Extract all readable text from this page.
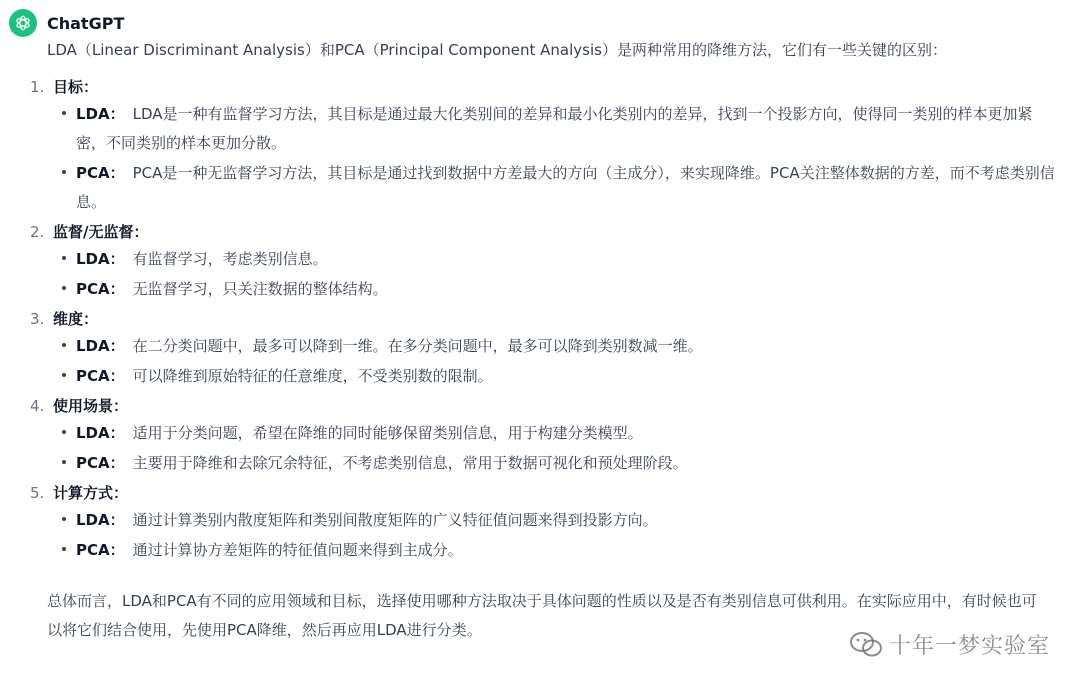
ChatGPT

LDA（Linear Discriminant Analysis）和PCA（Principal Component Analysis）是两种常用的降维方法，它们有一些关键的区别：

1. 目标：
LDA： LDA是一种有监督学习方法，其目标是通过最大化类别间的差异和最小化类别内的差异，找到一个投影方向，使得同一类别的样本更加紧密，不同类别的样本更加分散。
PCA： PCA是一种无监督学习方法，其目标是通过找到数据中方差最大的方向（主成分），来实现降维。PCA关注整体数据的方差，而不考虑类别信息。
2. 监督/无监督：
LDA： 有监督学习，考虑类别信息。
PCA： 无监督学习，只关注数据的整体结构。
3. 维度：
LDA： 在二分类问题中，最多可以降到一维。在多分类问题中，最多可以降到类别数减一维。
PCA： 可以降维到原始特征的任意维度，不受类别数的限制。
4. 使用场景：
LDA： 适用于分类问题，希望在降维的同时能够保留类别信息，用于构建分类模型。
PCA： 主要用于降维和去除冗余特征，不考虑类别信息，常用于数据可视化和预处理阶段。
5. 计算方式：
LDA： 通过计算类别内散度矩阵和类别间散度矩阵的广义特征值问题来得到投影方向。
PCA： 通过计算协方差矩阵的特征值问题来得到主成分。
总体而言，LDA和PCA有不同的应用领域和目标，选择使用哪种方法取决于具体问题的性质以及是否有类别信息可供利用。在实际应用中，有时候也可以将它们结合使用，先使用PCA降维，然后再应用LDA进行分类。
十年一梦实验室
